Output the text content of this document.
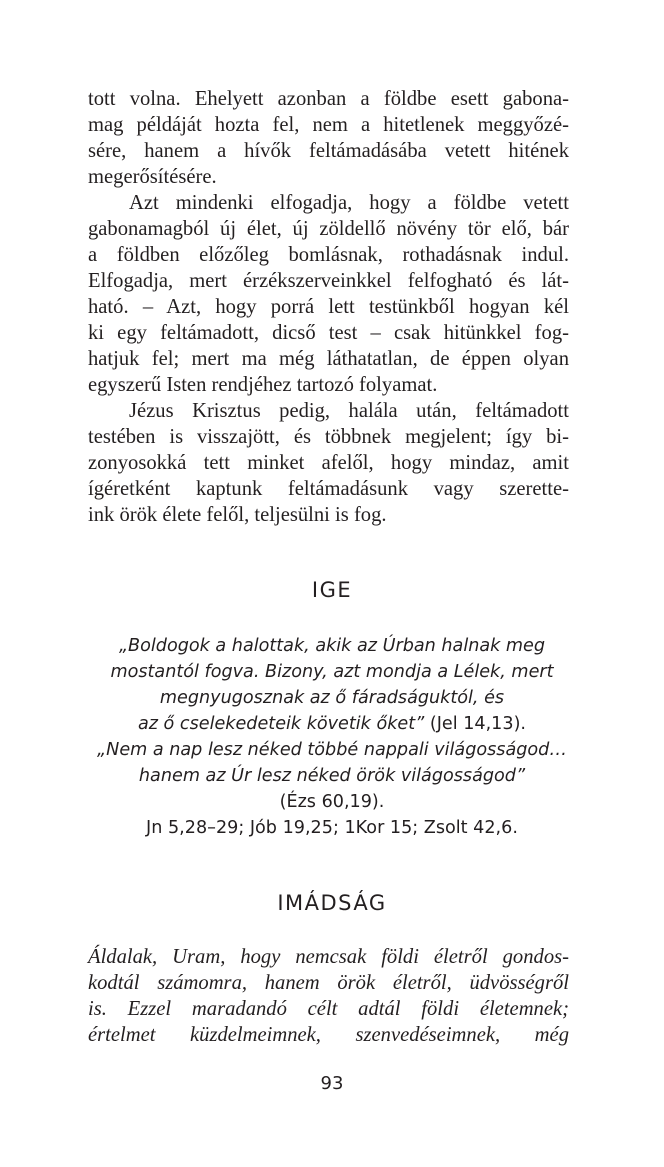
tott volna. Ehelyett azonban a földbe esett gabona-
mag példáját hozta fel, nem a hitetlenek meggyőzé-
sére, hanem a hívők feltámadásába vetett hitének
megerősítésére.

Azt mindenki elfogadja, hogy a földbe vetett
gabonamagból új élet, új zöldellő növény tör elő, bár
a földben előzőleg bomlásnak, rothadásnak indul.
Elfogadja, mert érzékszerveinkkel felfogható és lát-
ható. – Azt, hogy porrá lett testünkből hogyan kél
ki egy feltámadott, dicső test – csak hitünkkel fog-
hatjuk fel; mert ma még láthatatlan, de éppen olyan
egyszerű Isten rendjéhez tartozó folyamat.

Jézus Krisztus pedig, halála után, feltámadott
testében is visszajött, és többnek megjelent; így bi-
zonyosokká tett minket afelől, hogy mindaz, amit
ígéretként kaptunk feltámadásunk vagy szerette-
ink örök élete felől, teljesülni is fog.

IGE
„Boldogok a halottak, akik az Úrban halnak meg
mostantól fogva. Bizony, azt mondja a Lélek, mert
megnyugosznak az ő fáradságuktól, és
az ő cselekedeteik követik őket” (Jel 14,13).
„Nem a nap lesz néked többé nappali világosságod…
hanem az Úr lesz néked örök világosságod”
(Ézs 60,19).
Jn 5,28–29; Jób 19,25; 1Kor 15; Zsolt 42,6.
IMÁDSÁG
Áldalak, Uram, hogy nemcsak földi életről gondos-
kodtál számomra, hanem örök életről, üdvösségről
is. Ezzel maradandó célt adtál földi életemnek;
értelmet küzdelmeimnek, szenvedéseimnek, még
93
